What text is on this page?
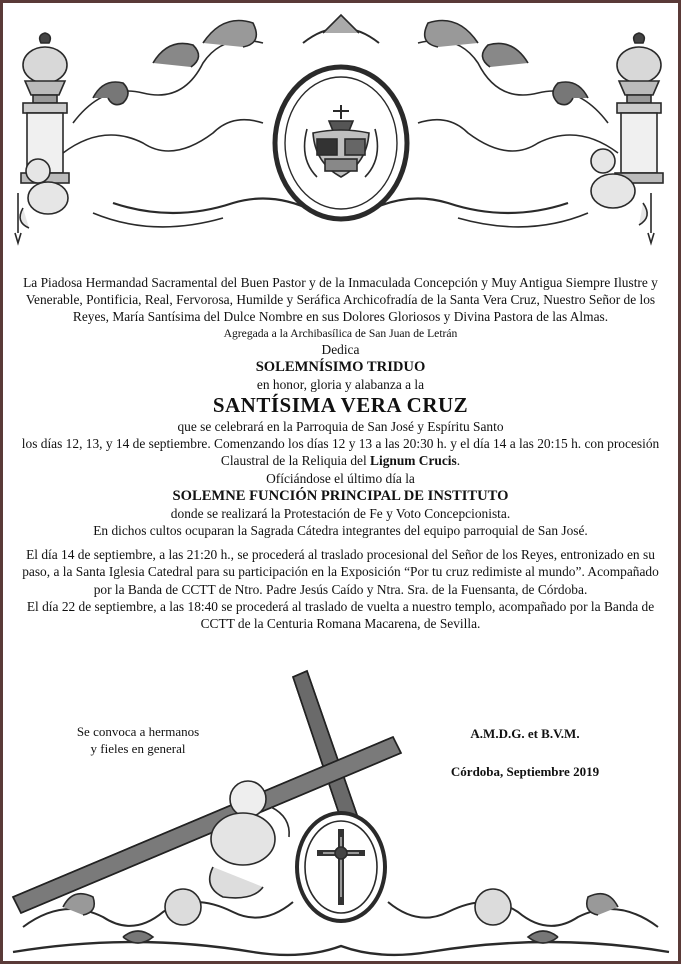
La Piadosa Hermandad Sacramental del Buen Pastor y de la Inmaculada Concepción y Muy Antigua Siempre Ilustre y Venerable, Pontificia, Real, Fervorosa, Humilde y Seráfica Archicofradía de la Santa Vera Cruz, Nuestro Señor de los Reyes, María Santísima del Dulce Nombre en sus Dolores Gloriosos y Divina Pastora de las Almas.

Agregada a la Archibasílica de San Juan de Letrán

Dedica

SOLEMNÍSIMO TRIDUO

en honor, gloria y alabanza a la

SANTÍSIMA VERA CRUZ

que se celebrará en la Parroquia de San José y Espíritu Santo

los días 12, 13, y 14 de septiembre. Comenzando los días 12 y 13 a las 20:30 h. y el día 14 a las 20:15 h. con procesión Claustral de la Reliquia del Lignum Crucis.

Ofíciándose el último día la

SOLEMNE FUNCIÓN PRINCIPAL DE INSTITUTO

donde se realizará la Protestación de Fe y Voto Concepcionista.

En dichos cultos ocuparan la Sagrada Cátedra integrantes del equipo parroquial de San José.

El día 14 de septiembre, a las 21:20 h., se procederá al traslado procesional del Señor de los Reyes, entronizado en su paso, a la Santa Iglesia Catedral para su participación en la Exposición “Por tu cruz redimiste al mundo”. Acompañado por la Banda de CCTT de Ntro. Padre Jesús Caído y Ntra. Sra. de la Fuensanta, de Córdoba.

El día 22 de septiembre, a las 18:40 se procederá al traslado de vuelta a nuestro templo, acompañado por la Banda de CCTT de la Centuria Romana Macarena, de Sevilla.

Se convoca a hermanos
y fieles en general
A.M.D.G. et B.V.M.
Córdoba, Septiembre 2019
